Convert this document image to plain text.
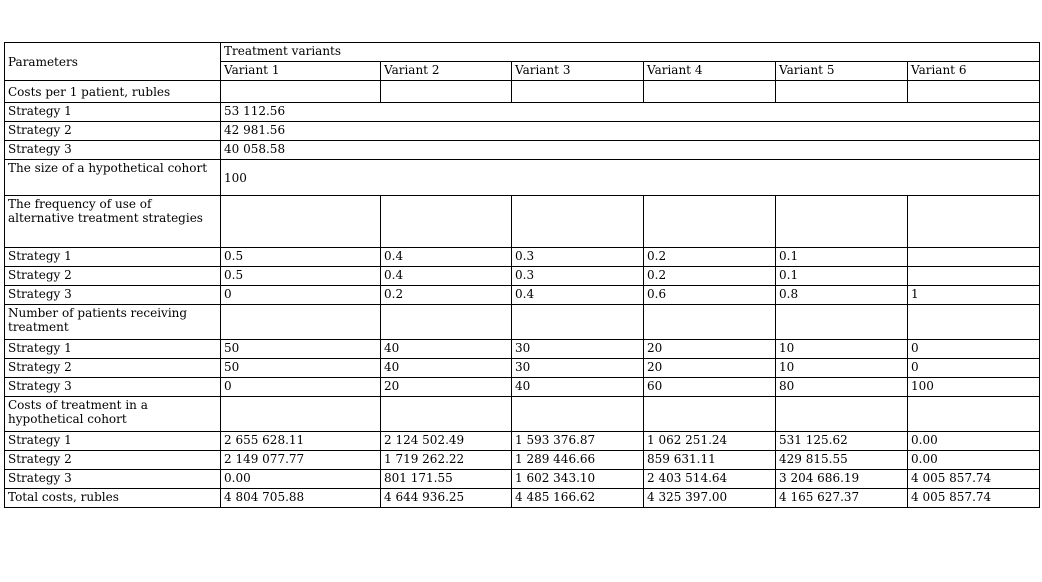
Parameters	Treatment variants					
	Variant 1	Variant 2	Variant 3	Variant 4	Variant 5	Variant 6
Costs per 1 patient, rubles						
Strategy 1	53 112.56					
Strategy 2	42 981.56					
Strategy 3	40 058.58					
The size of a hypothetical cohort	100					
The frequency of use of alternative treatment strategies						
Strategy 1	0.5	0.4	0.3	0.2	0.1	
Strategy 2	0.5	0.4	0.3	0.2	0.1	
Strategy 3	0	0.2	0.4	0.6	0.8	1
Number of patients receiving treatment						
Strategy 1	50	40	30	20	10	0
Strategy 2	50	40	30	20	10	0
Strategy 3	0	20	40	60	80	100
Costs of treatment in a hypothetical cohort						
Strategy 1	2 655 628.11	2 124 502.49	1 593 376.87	1 062 251.24	531 125.62	0.00
Strategy 2	2 149 077.77	1 719 262.22	1 289 446.66	859 631.11	429 815.55	0.00
Strategy 3	0.00	801 171.55	1 602 343.10	2 403 514.64	3 204 686.19	4 005 857.74
Total costs, rubles	4 804 705.88	4 644 936.25	4 485 166.62	4 325 397.00	4 165 627.37	4 005 857.74
